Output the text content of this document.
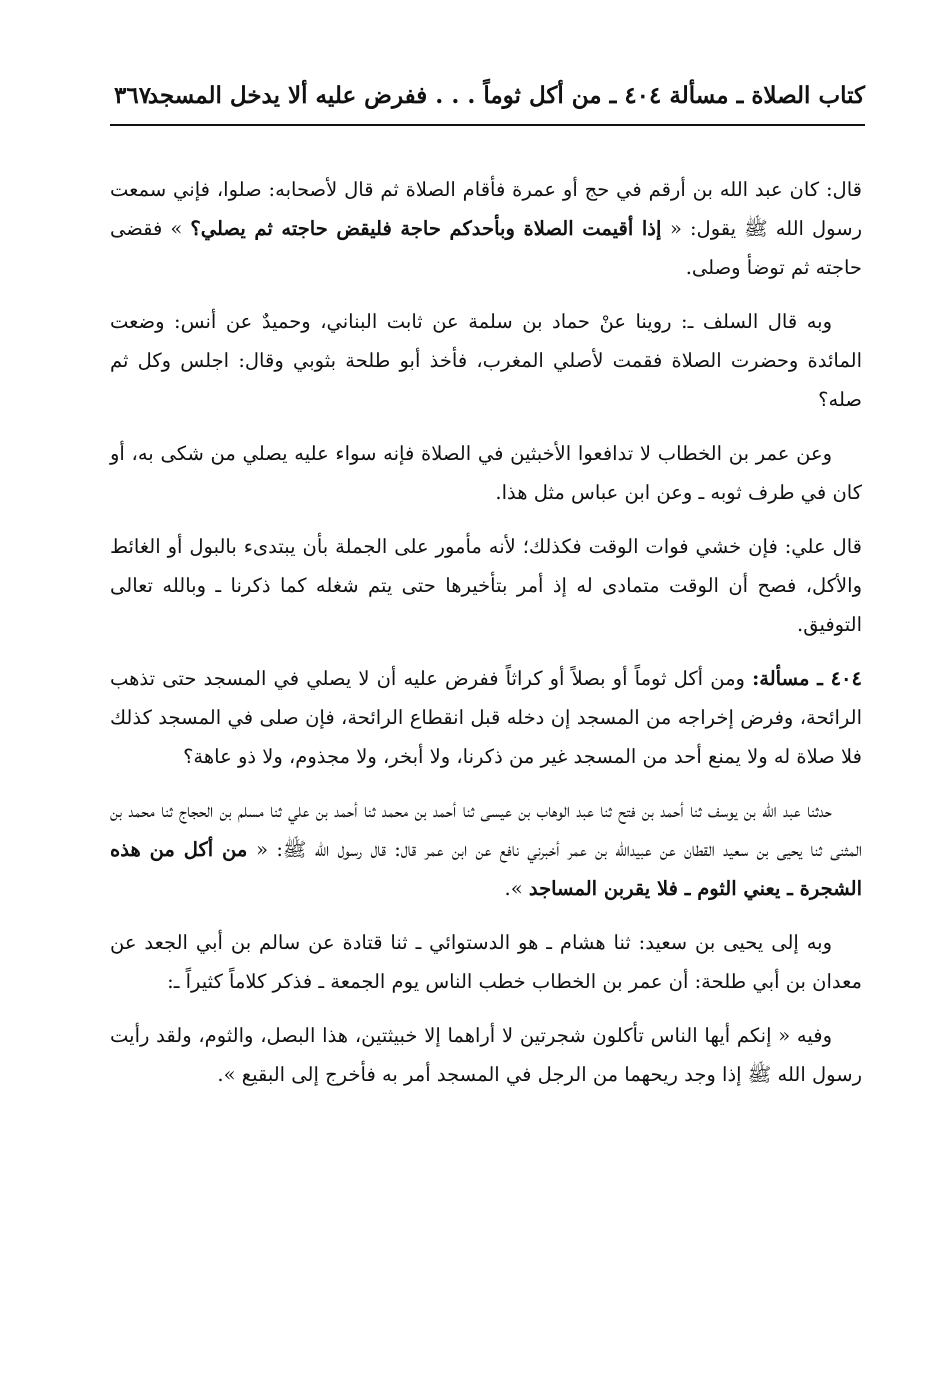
كتاب الصلاة ـ مسألة ٤٠٤ ـ من أكل ثوماً . . . ففرض عليه ألا يدخل المسجد
٣٦٧

قال: كان عبد الله بن أرقم في حج أو عمرة فأقام الصلاة ثم قال لأصحابه: صلوا، فإني سمعت رسول الله ﷺ يقول: « إذا أقيمت الصلاة وبأحدكم حاجة فليقض حاجته ثم يصلي؟ » فقضى حاجته ثم توضأ وصلى.

وبه قال السلف ـ: روينا عنْ حماد بن سلمة عن ثابت البناني، وحميدٌ عن أنس: وضعت المائدة وحضرت الصلاة فقمت لأصلي المغرب، فأخذ أبو طلحة بثوبي وقال: اجلس وكل ثم صله؟

وعن عمر بن الخطاب لا تدافعوا الأخبثين في الصلاة فإنه سواء عليه يصلي من شكى به، أو كان في طرف ثوبه ـ وعن ابن عباس مثل هذا.

قال علي: فإن خشي فوات الوقت فكذلك؛ لأنه مأمور على الجملة بأن يبتدىء بالبول أو الغائط والأكل، فصح أن الوقت متمادى له إذ أمر بتأخيرها حتى يتم شغله كما ذكرنا ـ وبالله تعالى التوفيق.

٤٠٤ ـ مسألة: ومن أكل ثوماً أو بصلاً أو كراثاً ففرض عليه أن لا يصلي في المسجد حتى تذهب الرائحة، وفرض إخراجه من المسجد إن دخله قبل انقطاع الرائحة، فإن صلى في المسجد كذلك فلا صلاة له ولا يمنع أحد من المسجد غير من ذكرنا، ولا أبخر، ولا مجذوم، ولا ذو عاهة؟

حدثنا عبد الله بن يوسف ثنا أحمد بن فتح ثنا عبد الوهاب بن عيسى ثنا أحمد بن محمد ثنا أحمد بن علي ثنا مسلم بن الحجاج ثنا محمد بن المثنى ثنا يحيى بن سعيد القطان عن عبيدالله بن عمر أخبرني نافع عن ابن عمر قال: قال رسول الله ﷺ: « من أكل من هذه الشجرة ـ يعني الثوم ـ فلا يقربن المساجد ».

وبه إلى يحيى بن سعيد: ثنا هشام ـ هو الدستوائي ـ ثنا قتادة عن سالم بن أبي الجعد عن معدان بن أبي طلحة: أن عمر بن الخطاب خطب الناس يوم الجمعة ـ فذكر كلاماً كثيراً ـ:

وفيه « إنكم أيها الناس تأكلون شجرتين لا أراهما إلا خبيثتين، هذا البصل، والثوم، ولقد رأيت رسول الله ﷺ إذا وجد ريحهما من الرجل في المسجد أمر به فأخرج إلى البقيع ».
